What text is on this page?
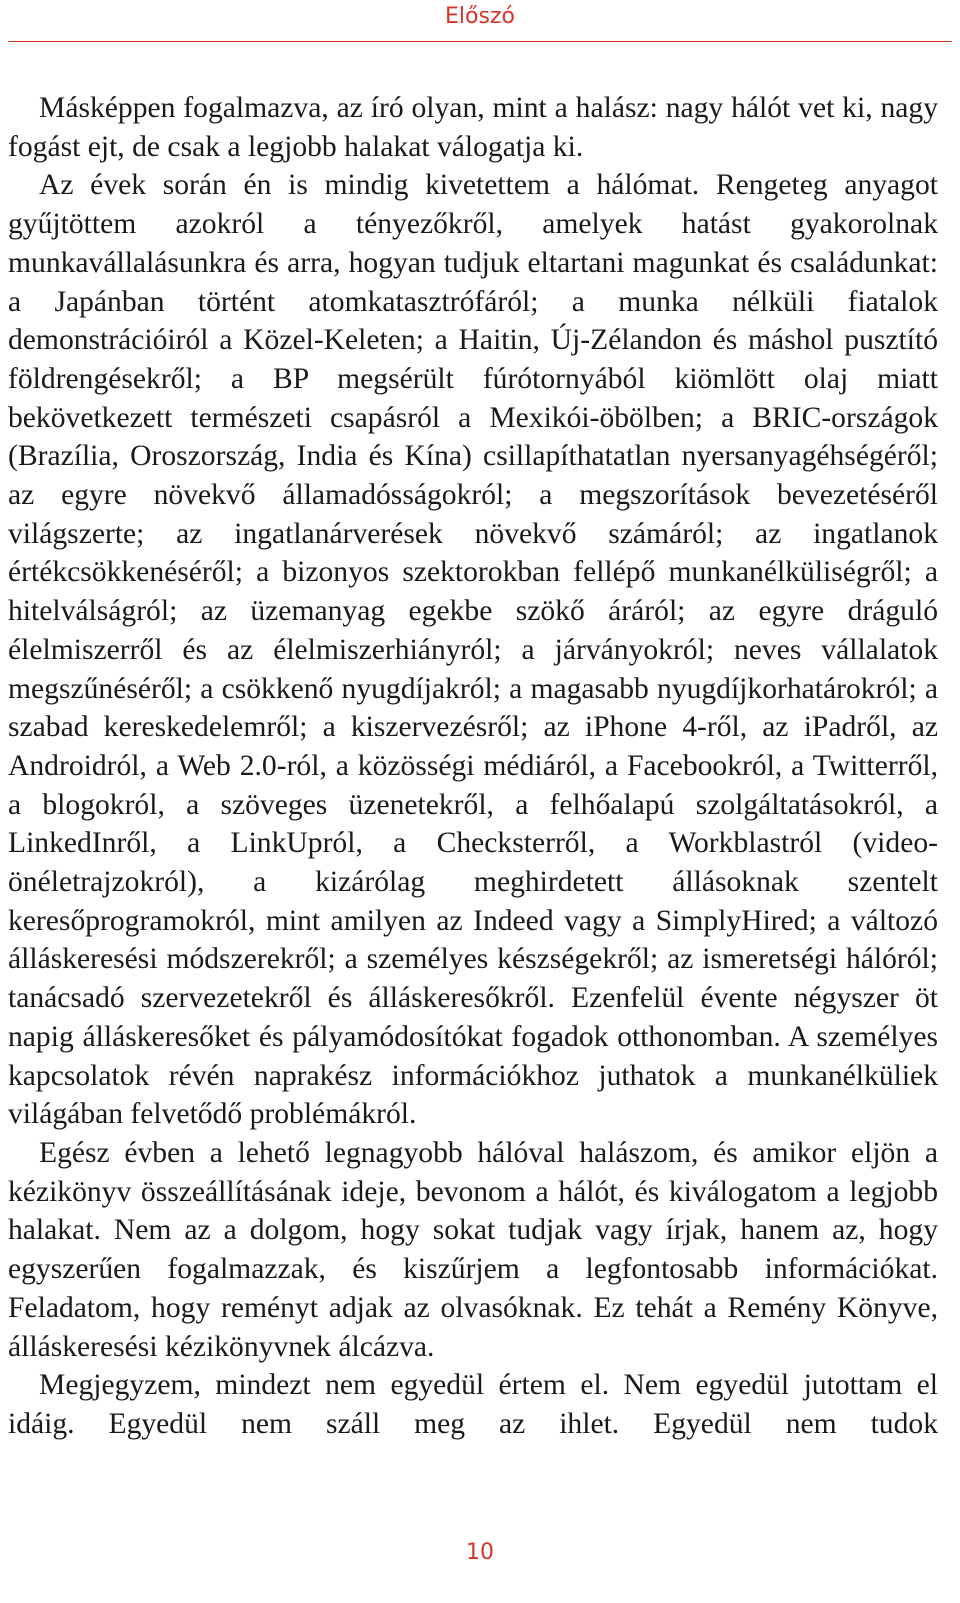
Előszó

Másképpen fogalmazva, az író olyan, mint a halász: nagy hálót vet ki, nagy fogást ejt, de csak a legjobb halakat válogatja ki.

Az évek során én is mindig kivetettem a hálómat. Rengeteg anyagot gyűjtöttem azokról a tényezőkről, amelyek hatást gyakorolnak munkavállalásunkra és arra, hogyan tudjuk eltartani magunkat és családunkat: a Japánban történt atomkatasztrófáról; a munka nélküli fiatalok demonstrációiról a Közel-Keleten; a Haitin, Új-Zélandon és máshol pusztító földrengésekről; a BP megsérült fúrótornyából kiömlött olaj miatt bekövetkezett természeti csapásról a Mexikói-öbölben; a BRIC-országok (Brazília, Oroszország, India és Kína) csillapíthatatlan nyersanyagéhségéről; az egyre növekvő államadósságokról; a megszorítások bevezetéséről világszerte; az ingatlanárverések növekvő számáról; az ingatlanok értékcsökkenéséről; a bizonyos szektorokban fellépő munkanélküliségről; a hitelválságról; az üzemanyag egekbe szökő áráról; az egyre dráguló élelmiszerről és az élelmiszerhiányról; a járványokról; neves vállalatok megszűnéséről; a csökkenő nyugdíjakról; a magasabb nyugdíjkorhatárokról; a szabad kereskedelemről; a kiszervezésről; az iPhone 4-ről, az iPadről, az Androidról, a Web 2.0-ról, a közösségi médiáról, a Facebookról, a Twitterről, a blogokról, a szöveges üzenetekről, a felhőalapú szolgáltatásokról, a LinkedInről, a LinkUpról, a Checksterről, a Workblastról (video-önéletrajzokról), a kizárólag meghirdetett állásoknak szentelt keresőprogramokról, mint amilyen az Indeed vagy a SimplyHired; a változó álláskeresési módszerekről; a személyes készségekről; az ismeretségi hálóról; tanácsadó szervezetekről és álláskeresőkről. Ezenfelül évente négyszer öt napig álláskeresőket és pályamódosítókat fogadok otthonomban. A személyes kapcsolatok révén naprakész információkhoz juthatok a munkanélküliek világában felvetődő problémákról.

Egész évben a lehető legnagyobb hálóval halászom, és amikor eljön a kézikönyv összeállításának ideje, bevonom a hálót, és kiválogatom a legjobb halakat. Nem az a dolgom, hogy sokat tudjak vagy írjak, hanem az, hogy egyszerűen fogalmazzak, és kiszűrjem a legfontosabb információkat. Feladatom, hogy reményt adjak az olvasóknak. Ez tehát a Remény Könyve, álláskeresési kézikönyvnek álcázva.

Megjegyzem, mindezt nem egyedül értem el. Nem egyedül jutottam el idáig. Egyedül nem száll meg az ihlet. Egyedül nem tudok

10
